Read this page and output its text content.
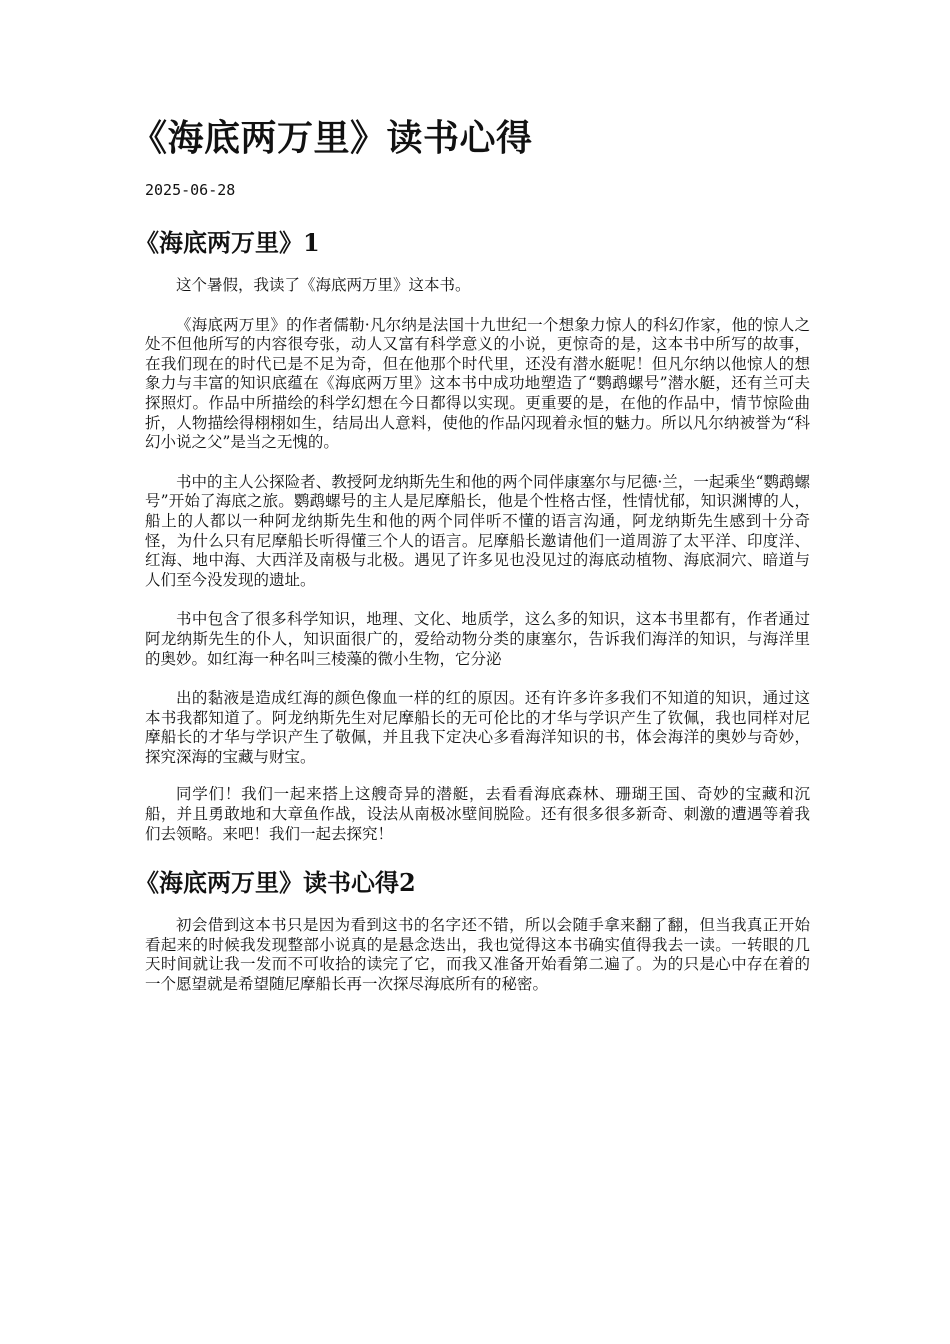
《海底两万里》读书心得
2025-06-28
《海底两万里》1

这个暑假，我读了《海底两万里》这本书。

《海底两万里》的作者儒勒·凡尔纳是法国十九世纪一个想象力惊人的科幻作家，他的惊人之处不但他所写的内容很夸张，动人又富有科学意义的小说，更惊奇的是，这本书中所写的故事，在我们现在的时代已是不足为奇，但在他那个时代里，还没有潜水艇呢！但凡尔纳以他惊人的想象力与丰富的知识底蕴在《海底两万里》这本书中成功地塑造了“鹦鹉螺号”潜水艇，还有兰可夫探照灯。作品中所描绘的科学幻想在今日都得以实现。更重要的是，在他的作品中，情节惊险曲折，人物描绘得栩栩如生，结局出人意料，使他的作品闪现着永恒的魅力。所以凡尔纳被誉为“科幻小说之父”是当之无愧的。

书中的主人公探险者、教授阿龙纳斯先生和他的两个同伴康塞尔与尼德·兰，一起乘坐“鹦鹉螺号”开始了海底之旅。鹦鹉螺号的主人是尼摩船长，他是个性格古怪，性情忧郁，知识渊博的人，船上的人都以一种阿龙纳斯先生和他的两个同伴听不懂的语言沟通，阿龙纳斯先生感到十分奇怪，为什么只有尼摩船长听得懂三个人的语言。尼摩船长邀请他们一道周游了太平洋、印度洋、红海、地中海、大西洋及南极与北极。遇见了许多见也没见过的海底动植物、海底洞穴、暗道与人们至今没发现的遗址。

书中包含了很多科学知识，地理、文化、地质学，这么多的知识，这本书里都有，作者通过阿龙纳斯先生的仆人，知识面很广的，爱给动物分类的康塞尔，告诉我们海洋的知识，与海洋里的奥妙。如红海一种名叫三棱藻的微小生物，它分泌

出的黏液是造成红海的颜色像血一样的红的原因。还有许多许多我们不知道的知识，通过这本书我都知道了。阿龙纳斯先生对尼摩船长的无可伦比的才华与学识产生了钦佩，我也同样对尼摩船长的才华与学识产生了敬佩，并且我下定决心多看海洋知识的书，体会海洋的奥妙与奇妙，探究深海的宝藏与财宝。

同学们！我们一起来搭上这艘奇异的潜艇，去看看海底森林、珊瑚王国、奇妙的宝藏和沉船，并且勇敢地和大章鱼作战，设法从南极冰壁间脱险。还有很多很多新奇、刺激的遭遇等着我们去领略。来吧！我们一起去探究！

《海底两万里》读书心得2

初会借到这本书只是因为看到这书的名字还不错，所以会随手拿来翻了翻，但当我真正开始看起来的时候我发现整部小说真的是悬念迭出，我也觉得这本书确实值得我去一读。一转眼的几天时间就让我一发而不可收拾的读完了它，而我又准备开始看第二遍了。为的只是心中存在着的一个愿望就是希望随尼摩船长再一次探尽海底所有的秘密。
